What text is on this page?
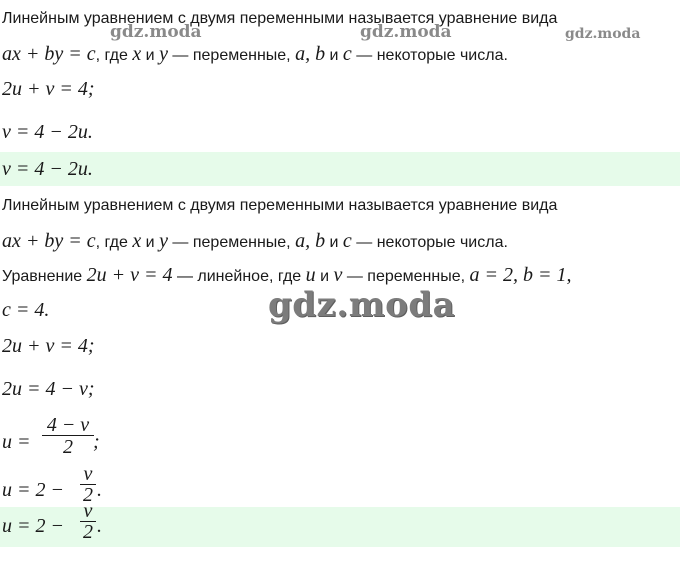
gdz.moda	gdz.moda	gdz.moda
Линейным уравнением с двумя переменными называется уравнение вида
ax + by = c, где x и y — переменные, a, b и c — некоторые числа.
2u + v = 4;
v = 4 − 2u.
v = 4 − 2u.
Линейным уравнением с двумя переменными называется уравнение вида
ax + by = c, где x и y — переменные, a, b и c — некоторые числа.
Уравнение 2u + v = 4 — линейное, где u и v — переменные, a = 2, b = 1,
c = 4.	gdz.moda
2u + v = 4;
2u = 4 − v;
$u = \frac{4 - v}{2}$ ;
$u = 2 - \frac{v}{2}$ .
$u = 2 - \frac{v}{2}$ .
